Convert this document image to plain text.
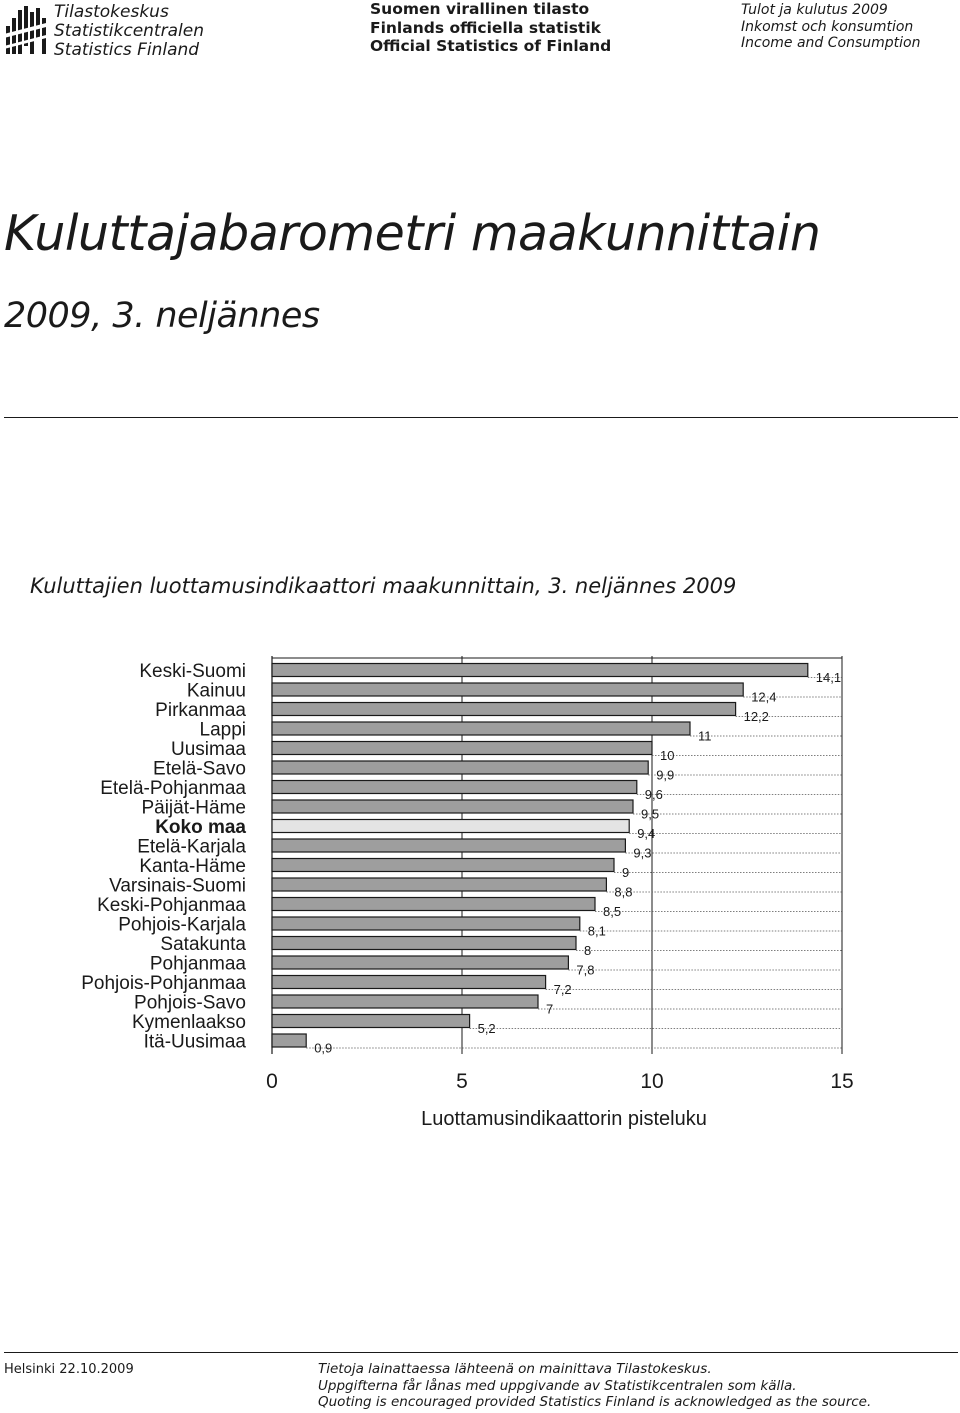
Tilastokeskus
Statistikcentralen
Statistics Finland
Suomen virallinen tilasto
Finlands officiella statistik
Official Statistics of Finland
Tulot ja kulutus 2009
Inkomst och konsumtion
Income and Consumption
Kuluttajabarometri maakunnittain
2009, 3. neljännes
Kuluttajien luottamusindikaattori maakunnittain, 3. neljännes 2009
Keski-Suomi	14,1
Kainuu	12,4
Pirkanmaa	12,2
Lappi	11
Uusimaa	10
Etelä-Savo	9,9
Etelä-Pohjanmaa	9,6
Päijät-Häme	9,5
Koko maa	9,4
Etelä-Karjala	9,3
Kanta-Häme	9
Varsinais-Suomi	8,8
Keski-Pohjanmaa	8,5
Pohjois-Karjala	8,1
Satakunta	8
Pohjanmaa	7,8
Pohjois-Pohjanmaa	7,2
Pohjois-Savo	7
Kymenlaakso	5,2
Itä-Uusimaa	0,9
0	5	10	15
Luottamusindikaattorin pisteluku
Helsinki 22.10.2009	Tietoja lainattaessa lähteenä on mainittava Tilastokeskus.
Uppgifterna får lånas med uppgivande av Statistikcentralen som källa.
Quoting is encouraged provided Statistics Finland is acknowledged as the source.
